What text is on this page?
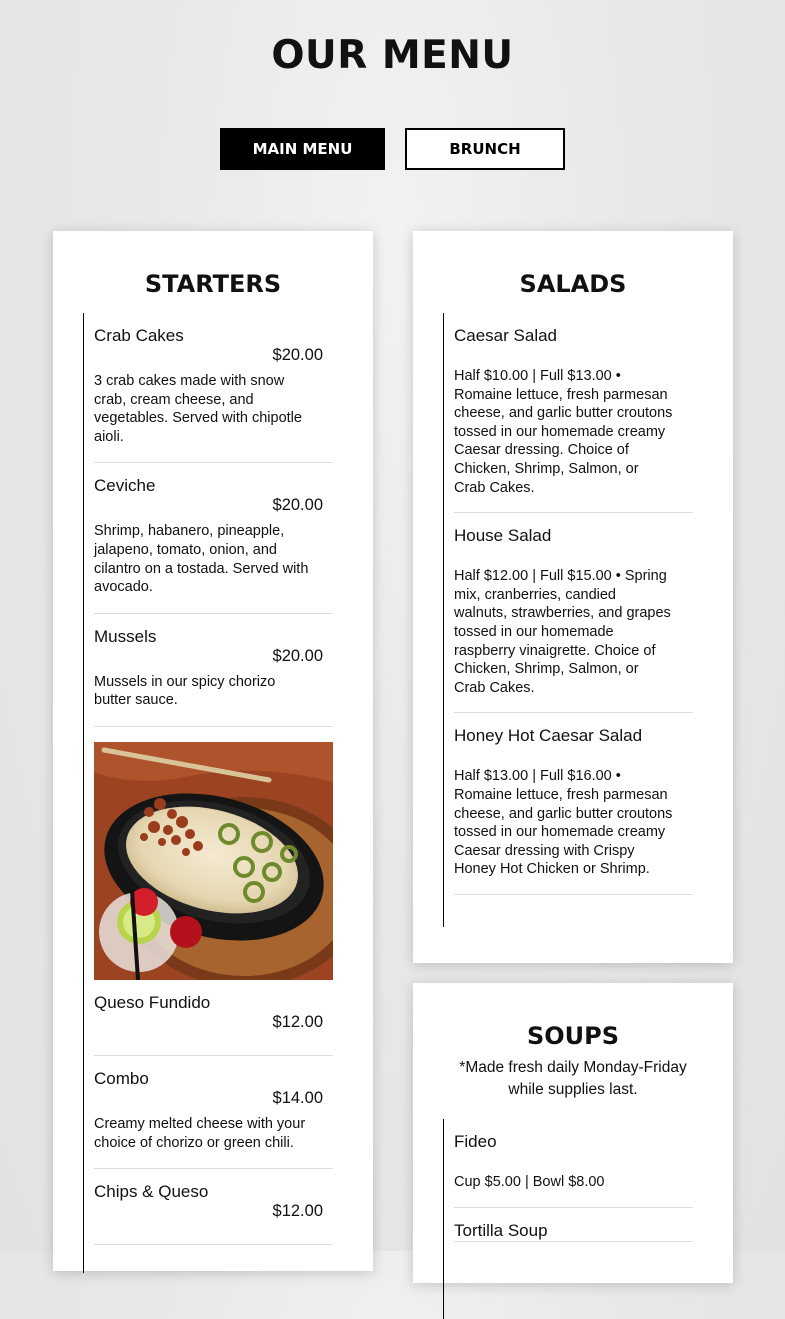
OUR MENU
MAIN MENU	BRUNCH
STARTERS
Crab Cakes
$20.00
3 crab cakes made with snow crab, cream cheese, and vegetables. Served with chipotle aioli.
Ceviche
$20.00
Shrimp, habanero, pineapple, jalapeno, tomato, onion, and cilantro on a tostada. Served with avocado.
Mussels
$20.00
Mussels in our spicy chorizo butter sauce.
Queso Fundido
$12.00
Combo
$14.00
Creamy melted cheese with your choice of chorizo or green chili.
Chips & Queso
$12.00
SALADS
Caesar Salad
Half $10.00 | Full $13.00 • Romaine lettuce, fresh parmesan cheese, and garlic butter croutons tossed in our homemade creamy Caesar dressing. Choice of Chicken, Shrimp, Salmon, or Crab Cakes.
House Salad
Half $12.00 | Full $15.00 • Spring mix, cranberries, candied walnuts, strawberries, and grapes tossed in our homemade raspberry vinaigrette. Choice of Chicken, Shrimp, Salmon, or Crab Cakes.
Honey Hot Caesar Salad
Half $13.00 | Full $16.00 • Romaine lettuce, fresh parmesan cheese, and garlic butter croutons tossed in our homemade creamy Caesar dressing with Crispy Honey Hot Chicken or Shrimp.
SOUPS
*Made fresh daily Monday-Friday while supplies last.
Fideo
Cup $5.00 | Bowl $8.00
Tortilla Soup
